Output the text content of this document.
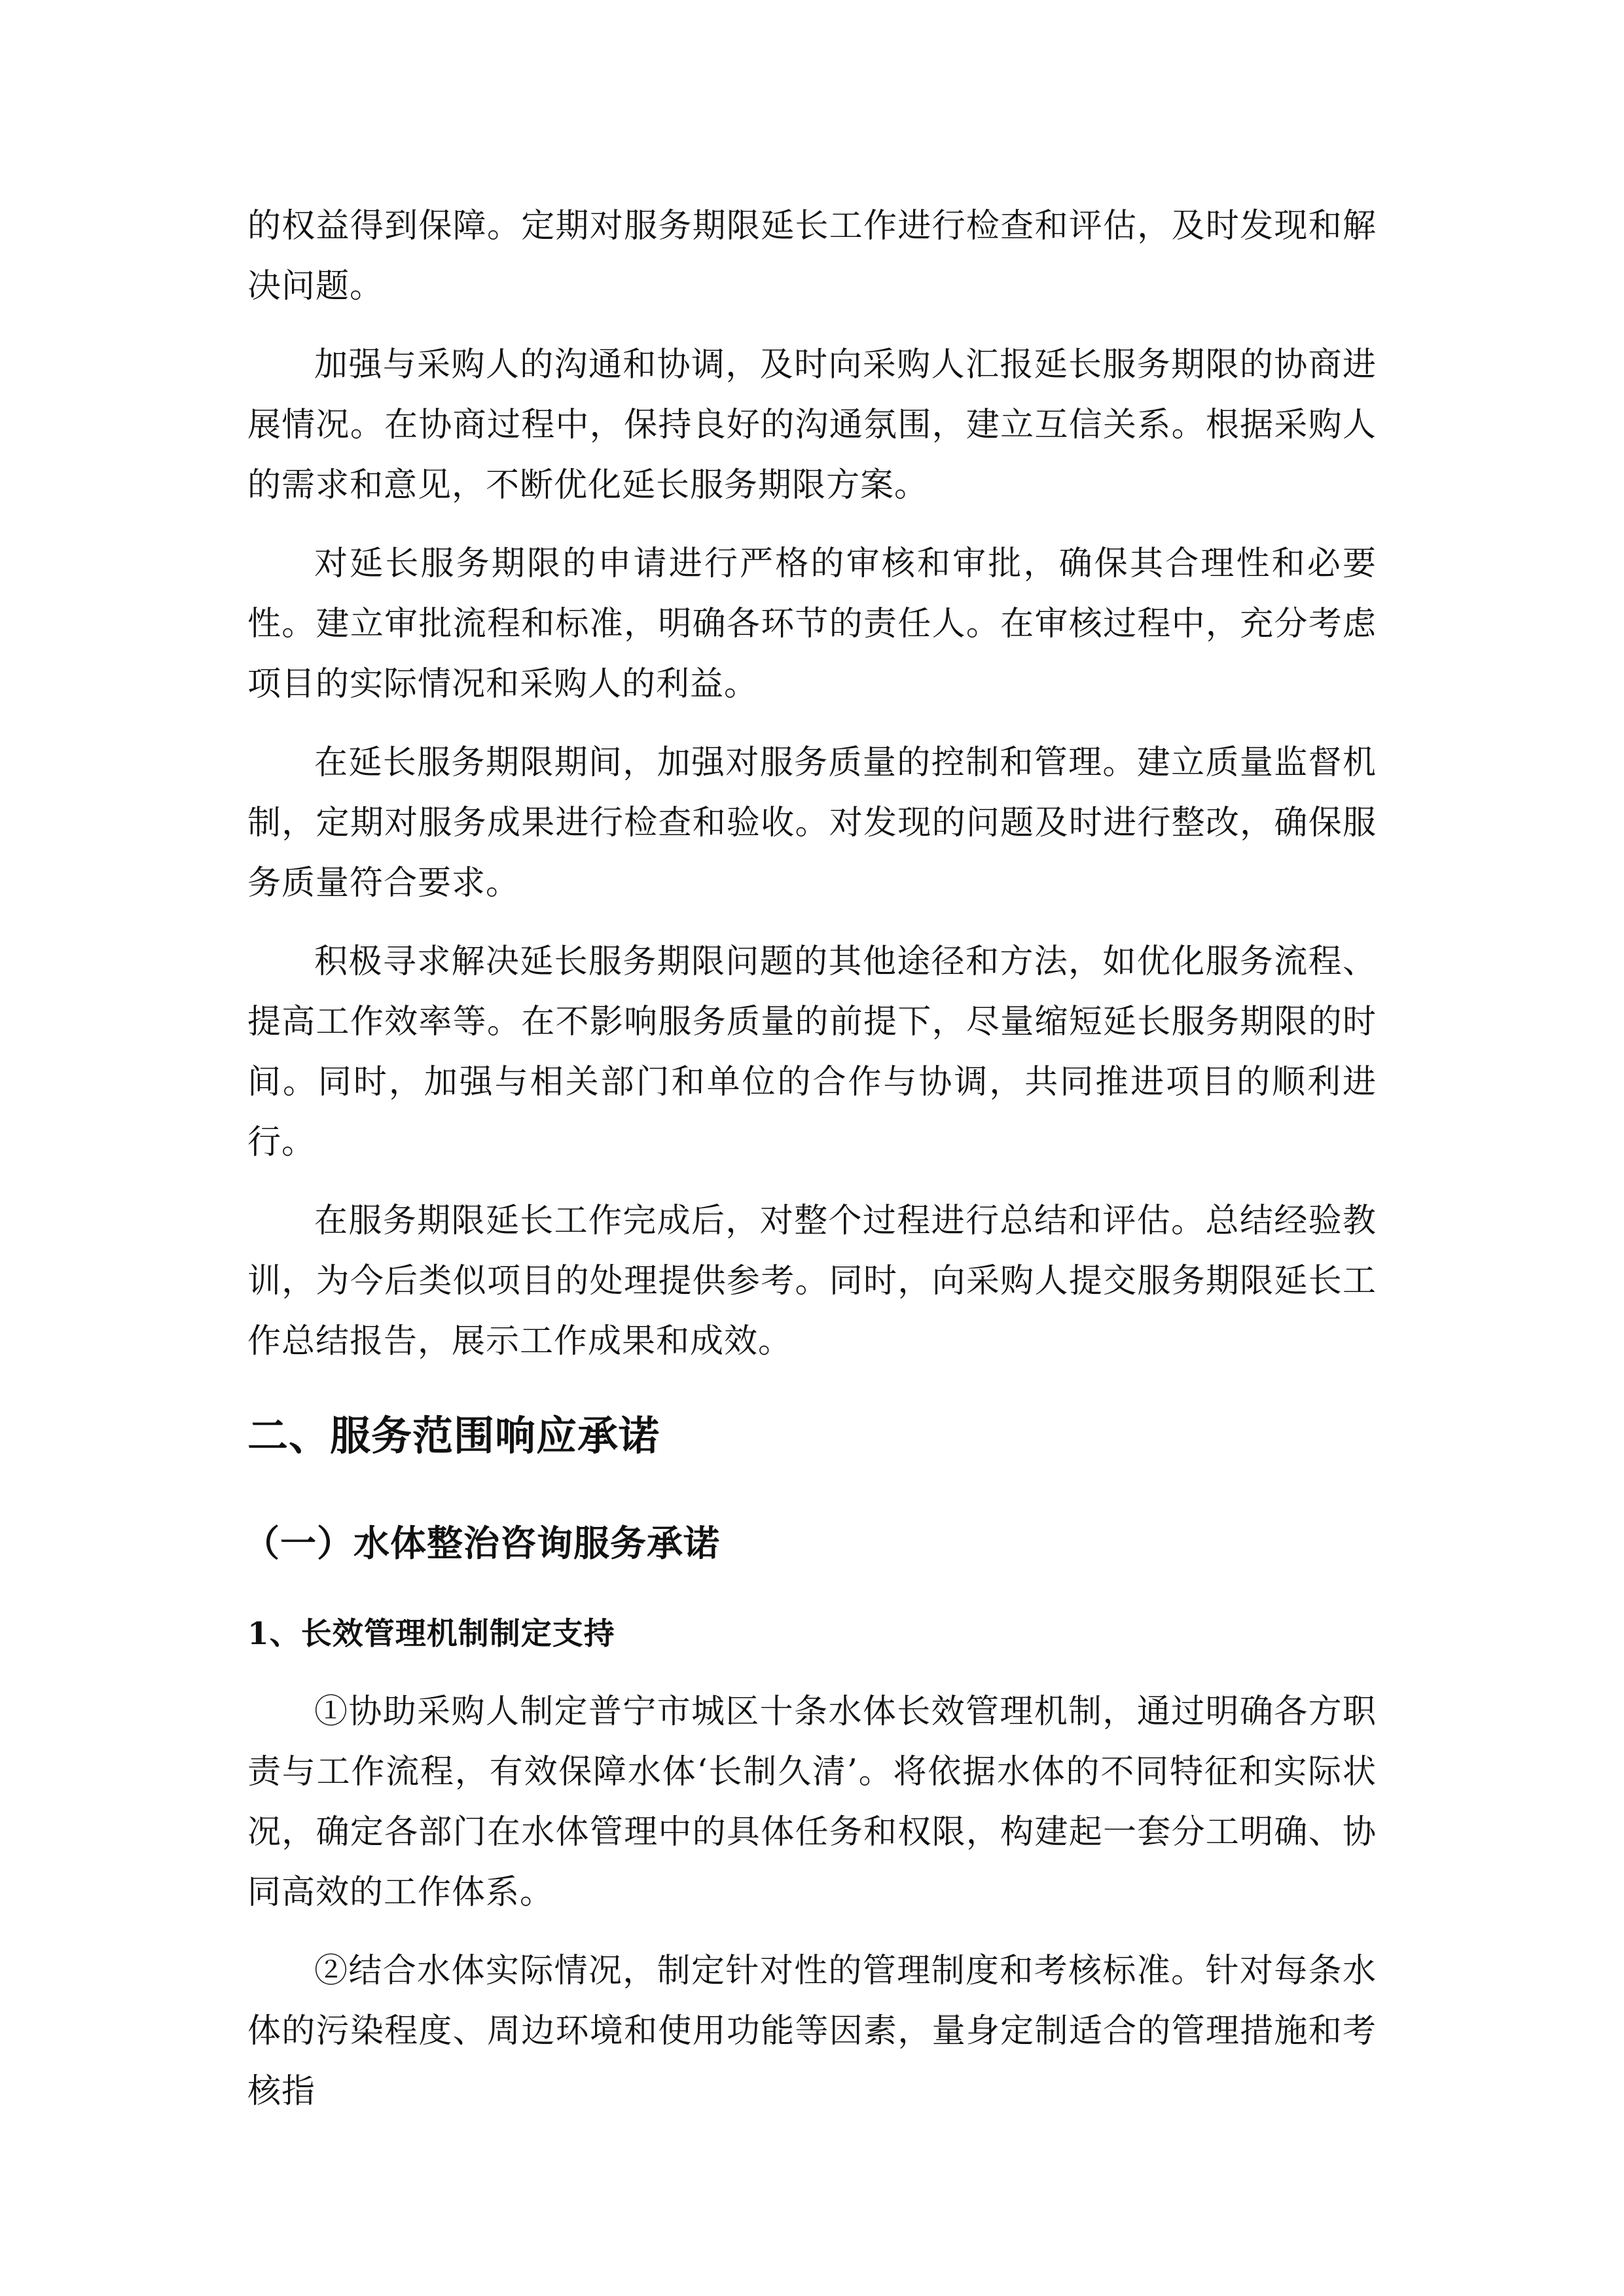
的权益得到保障。定期对服务期限延长工作进行检查和评估，及时发现和解决问题。

加强与采购人的沟通和协调，及时向采购人汇报延长服务期限的协商进展情况。在协商过程中，保持良好的沟通氛围，建立互信关系。根据采购人的需求和意见，不断优化延长服务期限方案。

对延长服务期限的申请进行严格的审核和审批，确保其合理性和必要性。建立审批流程和标准，明确各环节的责任人。在审核过程中，充分考虑项目的实际情况和采购人的利益。

在延长服务期限期间，加强对服务质量的控制和管理。建立质量监督机制，定期对服务成果进行检查和验收。对发现的问题及时进行整改，确保服务质量符合要求。

积极寻求解决延长服务期限问题的其他途径和方法，如优化服务流程、提高工作效率等。在不影响服务质量的前提下，尽量缩短延长服务期限的时间。同时，加强与相关部门和单位的合作与协调，共同推进项目的顺利进行。

在服务期限延长工作完成后，对整个过程进行总结和评估。总结经验教训，为今后类似项目的处理提供参考。同时，向采购人提交服务期限延长工作总结报告，展示工作成果和成效。

二、服务范围响应承诺
（一）水体整治咨询服务承诺
1、长效管理机制制定支持

①协助采购人制定普宁市城区十条水体长效管理机制，通过明确各方职责与工作流程，有效保障水体‘长制久清’。将依据水体的不同特征和实际状况，确定各部门在水体管理中的具体任务和权限，构建起一套分工明确、协同高效的工作体系。

②结合水体实际情况，制定针对性的管理制度和考核标准。针对每条水体的污染程度、周边环境和使用功能等因素，量身定制适合的管理措施和考核指
